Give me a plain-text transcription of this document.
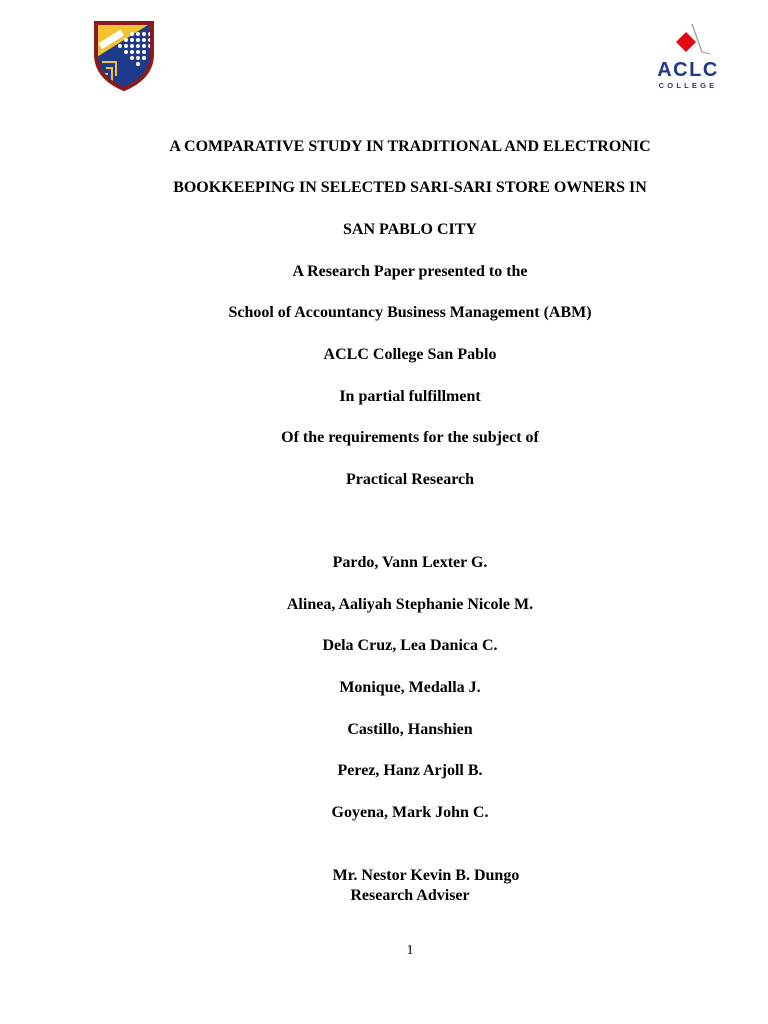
ACLC
COLLEGE
A COMPARATIVE STUDY IN TRADITIONAL AND ELECTRONIC
BOOKKEEPING IN SELECTED SARI-SARI STORE OWNERS IN
SAN PABLO CITY
A Research Paper presented to the
School of Accountancy Business Management (ABM)
ACLC College San Pablo
In partial fulfillment
Of the requirements for the subject of
Practical Research
Pardo, Vann Lexter G.
Alinea, Aaliyah Stephanie Nicole M.
Dela Cruz, Lea Danica C.
Monique, Medalla J.
Castillo, Hanshien
Perez, Hanz Arjoll B.
Goyena, Mark John C.
Mr. Nestor Kevin B. Dungo
Research Adviser
1
